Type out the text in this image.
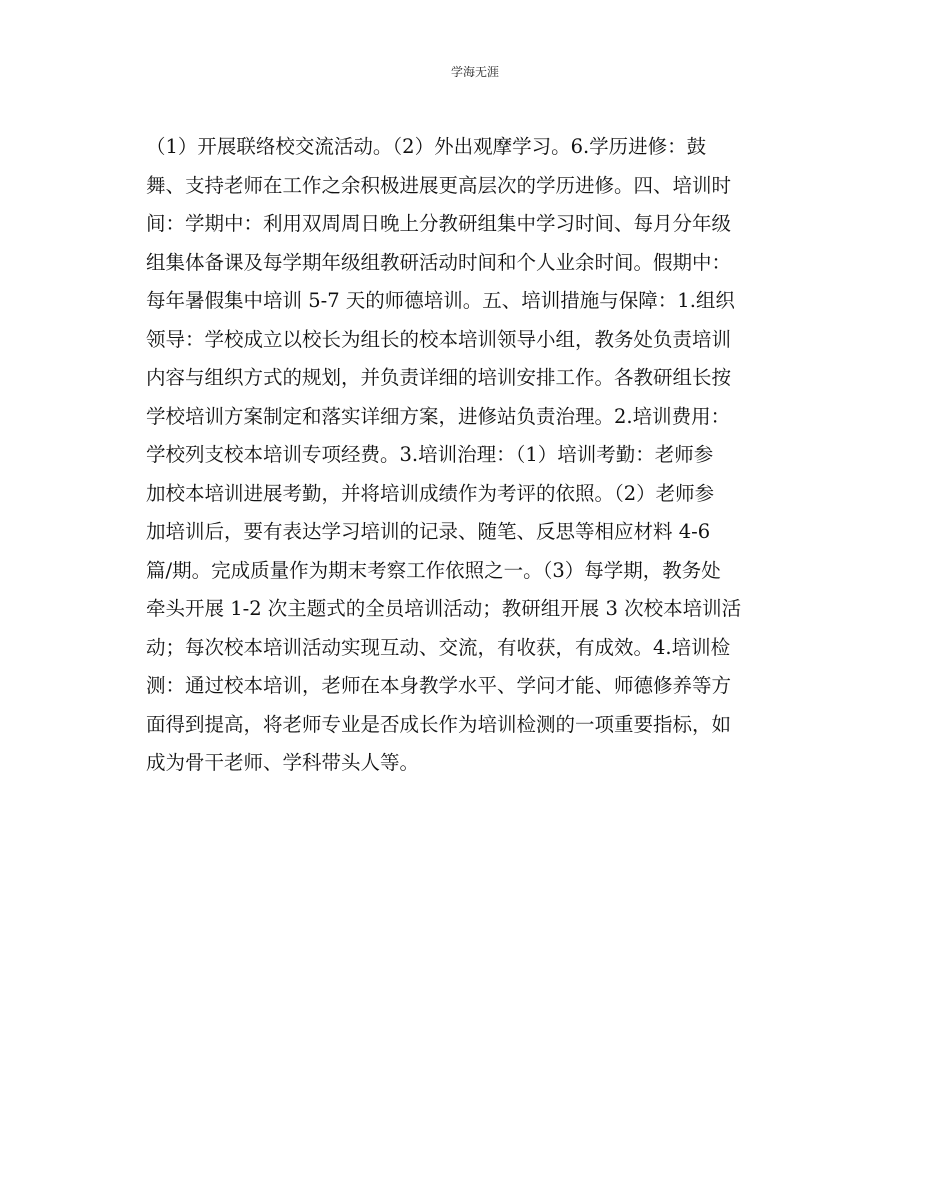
学海无涯
（1）开展联络校交流活动。（2）外出观摩学习。6.学历进修：鼓
舞、支持老师在工作之余积极进展更高层次的学历进修。四、培训时
间：学期中：利用双周周日晚上分教研组集中学习时间、每月分年级
组集体备课及每学期年级组教研活动时间和个人业余时间。假期中：
每年暑假集中培训 5-7 天的师德培训。五、培训措施与保障：1.组织
领导：学校成立以校长为组长的校本培训领导小组，教务处负责培训
内容与组织方式的规划，并负责详细的培训安排工作。各教研组长按
学校培训方案制定和落实详细方案，进修站负责治理。2.培训费用：
学校列支校本培训专项经费。3.培训治理：（1）培训考勤：老师参
加校本培训进展考勤，并将培训成绩作为考评的依照。（2）老师参
加培训后，要有表达学习培训的记录、随笔、反思等相应材料 4-6
篇/期。完成质量作为期末考察工作依照之一。（3）每学期，教务处
牵头开展 1-2 次主题式的全员培训活动；教研组开展 3 次校本培训活
动；每次校本培训活动实现互动、交流，有收获，有成效。4.培训检
测：通过校本培训，老师在本身教学水平、学问才能、师德修养等方
面得到提高，将老师专业是否成长作为培训检测的一项重要指标，如
成为骨干老师、学科带头人等。
